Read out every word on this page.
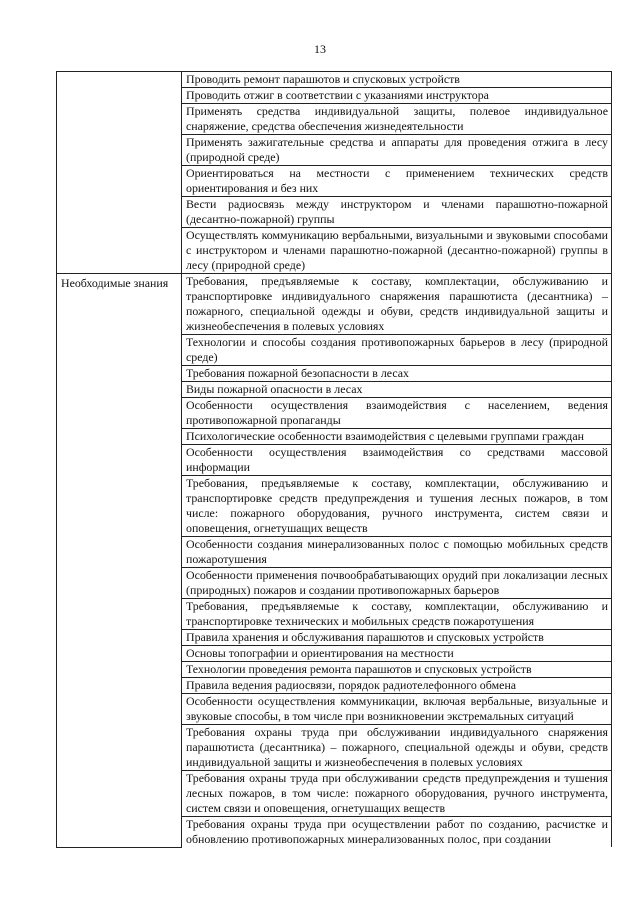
13
	Проводить ремонт парашютов и спусковых устройств
	Проводить отжиг в соответствии с указаниями инструктора
	Применять средства индивидуальной защиты, полевое индивидуальное снаряжение, средства обеспечения жизнедеятельности
	Применять зажигательные средства и аппараты для проведения отжига в лесу (природной среде)
	Ориентироваться на местности с применением технических средств ориентирования и без них
	Вести радиосвязь между инструктором и членами парашютно-пожарной (десантно-пожарной) группы
	Осуществлять коммуникацию вербальными, визуальными и звуковыми способами с инструктором и членами парашютно-пожарной (десантно-пожарной) группы в лесу (природной среде)
Необходимые знания	Требования, предъявляемые к составу, комплектации, обслуживанию и транспортировке индивидуального снаряжения парашютиста (десантника) – пожарного, специальной одежды и обуви, средств индивидуальной защиты и жизнеобеспечения в полевых условиях
	Технологии и способы создания противопожарных барьеров в лесу (природной среде)
	Требования пожарной безопасности в лесах
	Виды пожарной опасности в лесах
	Особенности осуществления взаимодействия с населением, ведения противопожарной пропаганды
	Психологические особенности взаимодействия с целевыми группами граждан
	Особенности осуществления взаимодействия со средствами массовой информации
	Требования, предъявляемые к составу, комплектации, обслуживанию и транспортировке средств предупреждения и тушения лесных пожаров, в том числе: пожарного оборудования, ручного инструмента, систем связи и оповещения, огнетушащих веществ
	Особенности создания минерализованных полос с помощью мобильных средств пожаротушения
	Особенности применения почвообрабатывающих орудий при локализации лесных (природных) пожаров и создании противопожарных барьеров
	Требования, предъявляемые к составу, комплектации, обслуживанию и транспортировке технических и мобильных средств пожаротушения
	Правила хранения и обслуживания парашютов и спусковых устройств
	Основы топографии и ориентирования на местности
	Технологии проведения ремонта парашютов и спусковых устройств
	Правила ведения радиосвязи, порядок радиотелефонного обмена
	Особенности осуществления коммуникации, включая вербальные, визуальные и звуковые способы, в том числе при возникновении экстремальных ситуаций
	Требования охраны труда при обслуживании индивидуального снаряжения парашютиста (десантника) – пожарного, специальной одежды и обуви, средств индивидуальной защиты и жизнеобеспечения в полевых условиях
	Требования охраны труда при обслуживании средств предупреждения и тушения лесных пожаров, в том числе: пожарного оборудования, ручного инструмента, систем связи и оповещения, огнетушащих веществ
	Требования охраны труда при осуществлении работ по созданию, расчистке и обновлению противопожарных минерализованных полос, при создании
